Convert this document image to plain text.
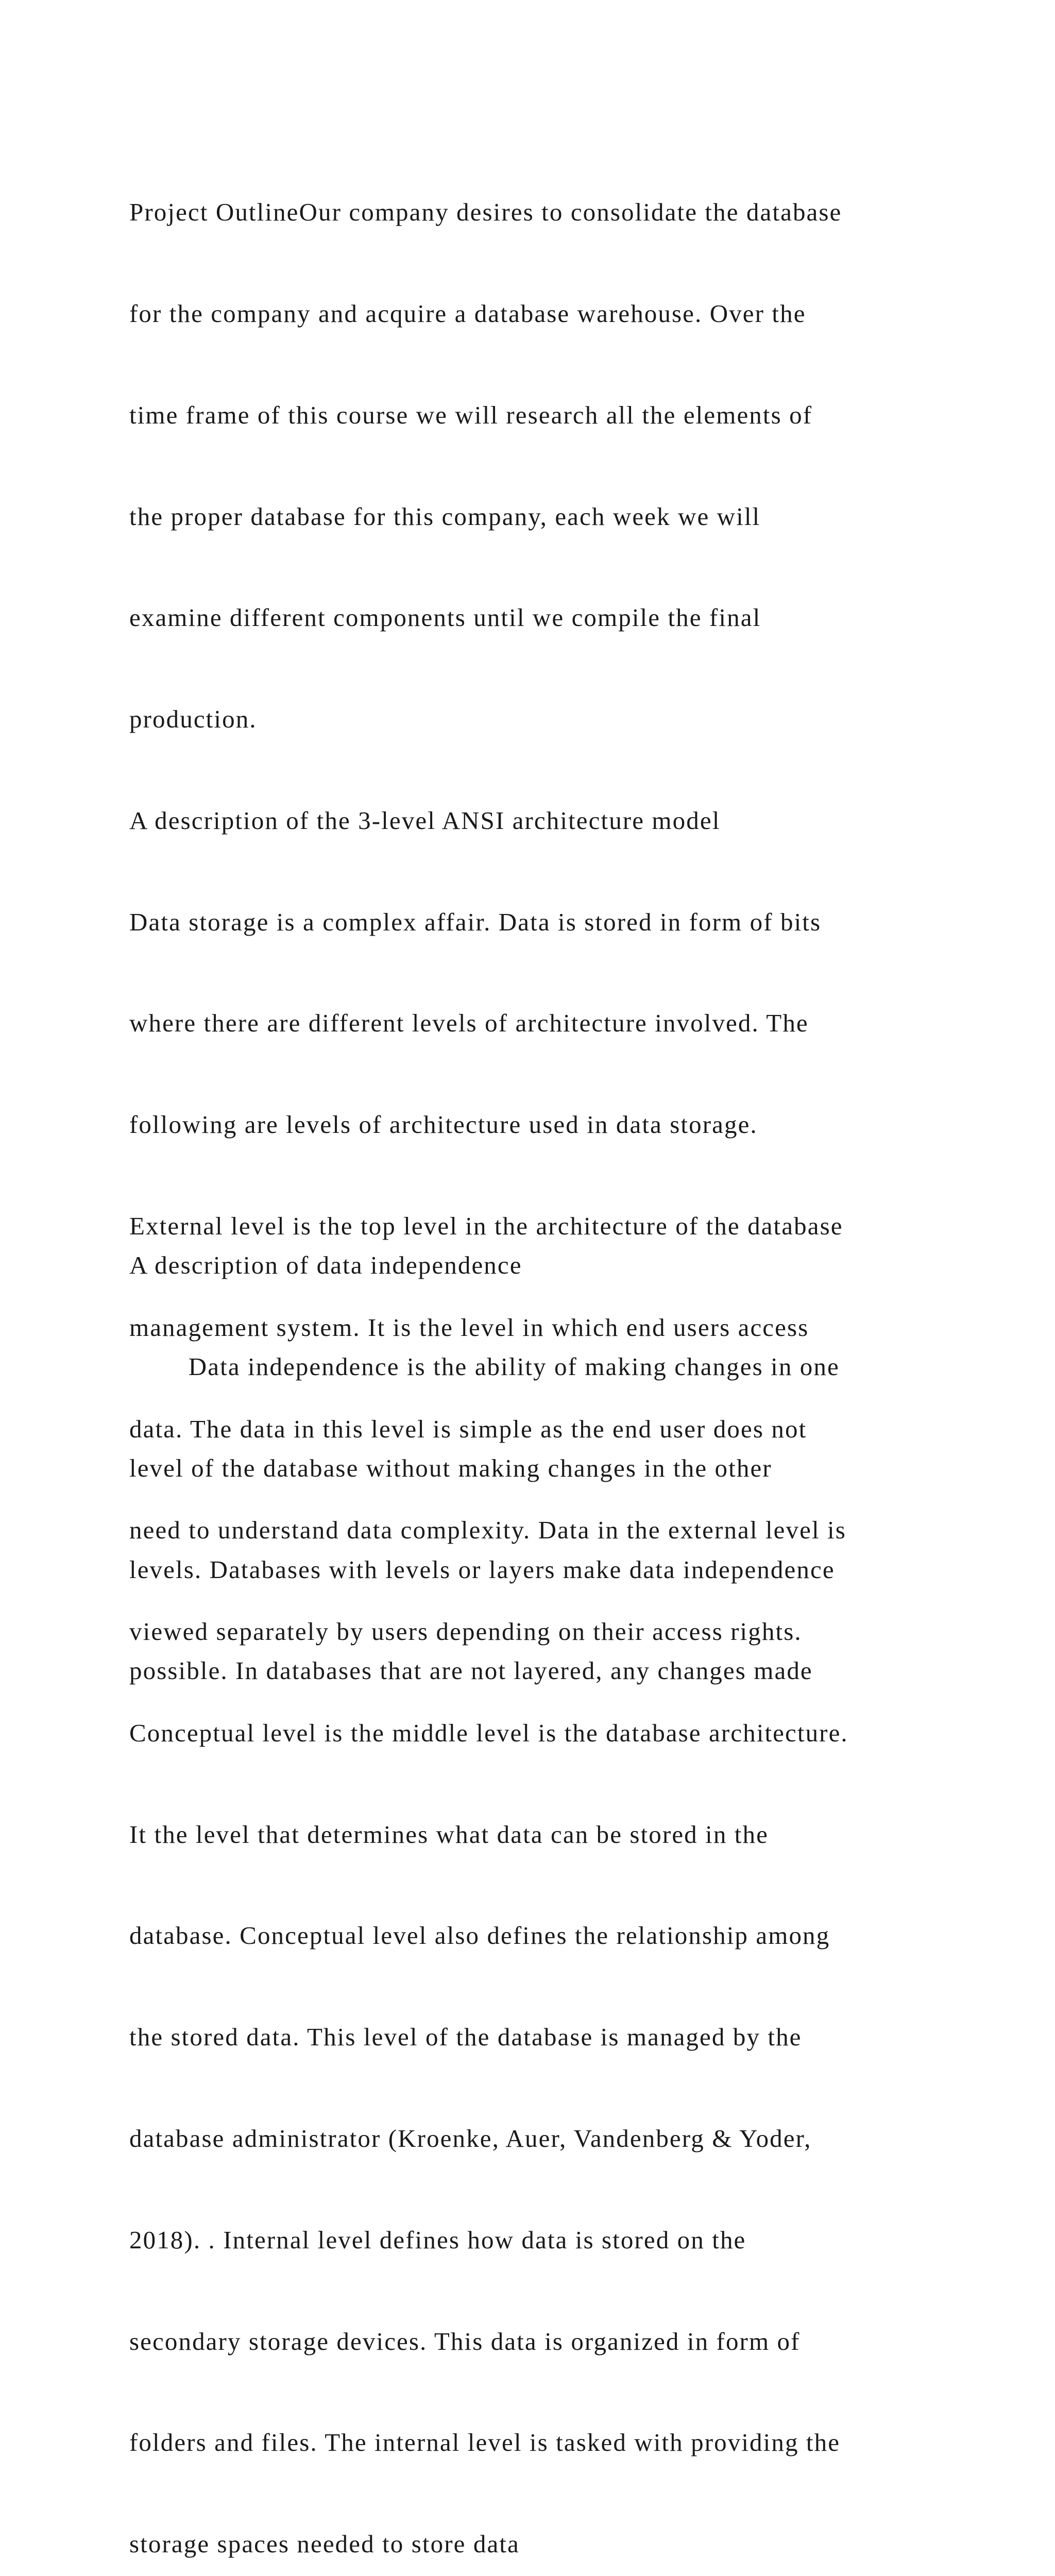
Project OutlineOur company desires to consolidate the database

for the company and acquire a database warehouse. Over the

time frame of this course we will research all the elements of

the proper database for this company, each week we will

examine different components until we compile the final

production.

A description of the 3-level ANSI architecture model

Data storage is a complex affair. Data is stored in form of bits

where there are different levels of architecture involved. The

following are levels of architecture used in data storage.

External level is the top level in the architecture of the database

management system. It is the level in which end users access

data. The data in this level is simple as the end user does not

need to understand data complexity. Data in the external level is

viewed separately by users depending on their access rights.

Conceptual level is the middle level is the database architecture.

It the level that determines what data can be stored in the

database. Conceptual level also defines the relationship among

the stored data. This level of the database is managed by the

database administrator (Kroenke, Auer, Vandenberg & Yoder,

2018). . Internal level defines how data is stored on the

secondary storage devices. This data is organized in form of

folders and files. The internal level is tasked with providing the

storage spaces needed to store data

A description of data independence

Data independence is the ability of making changes in one

level of the database without making changes in the other

levels. Databases with levels or layers make data independence

possible. In databases that are not layered, any changes made
